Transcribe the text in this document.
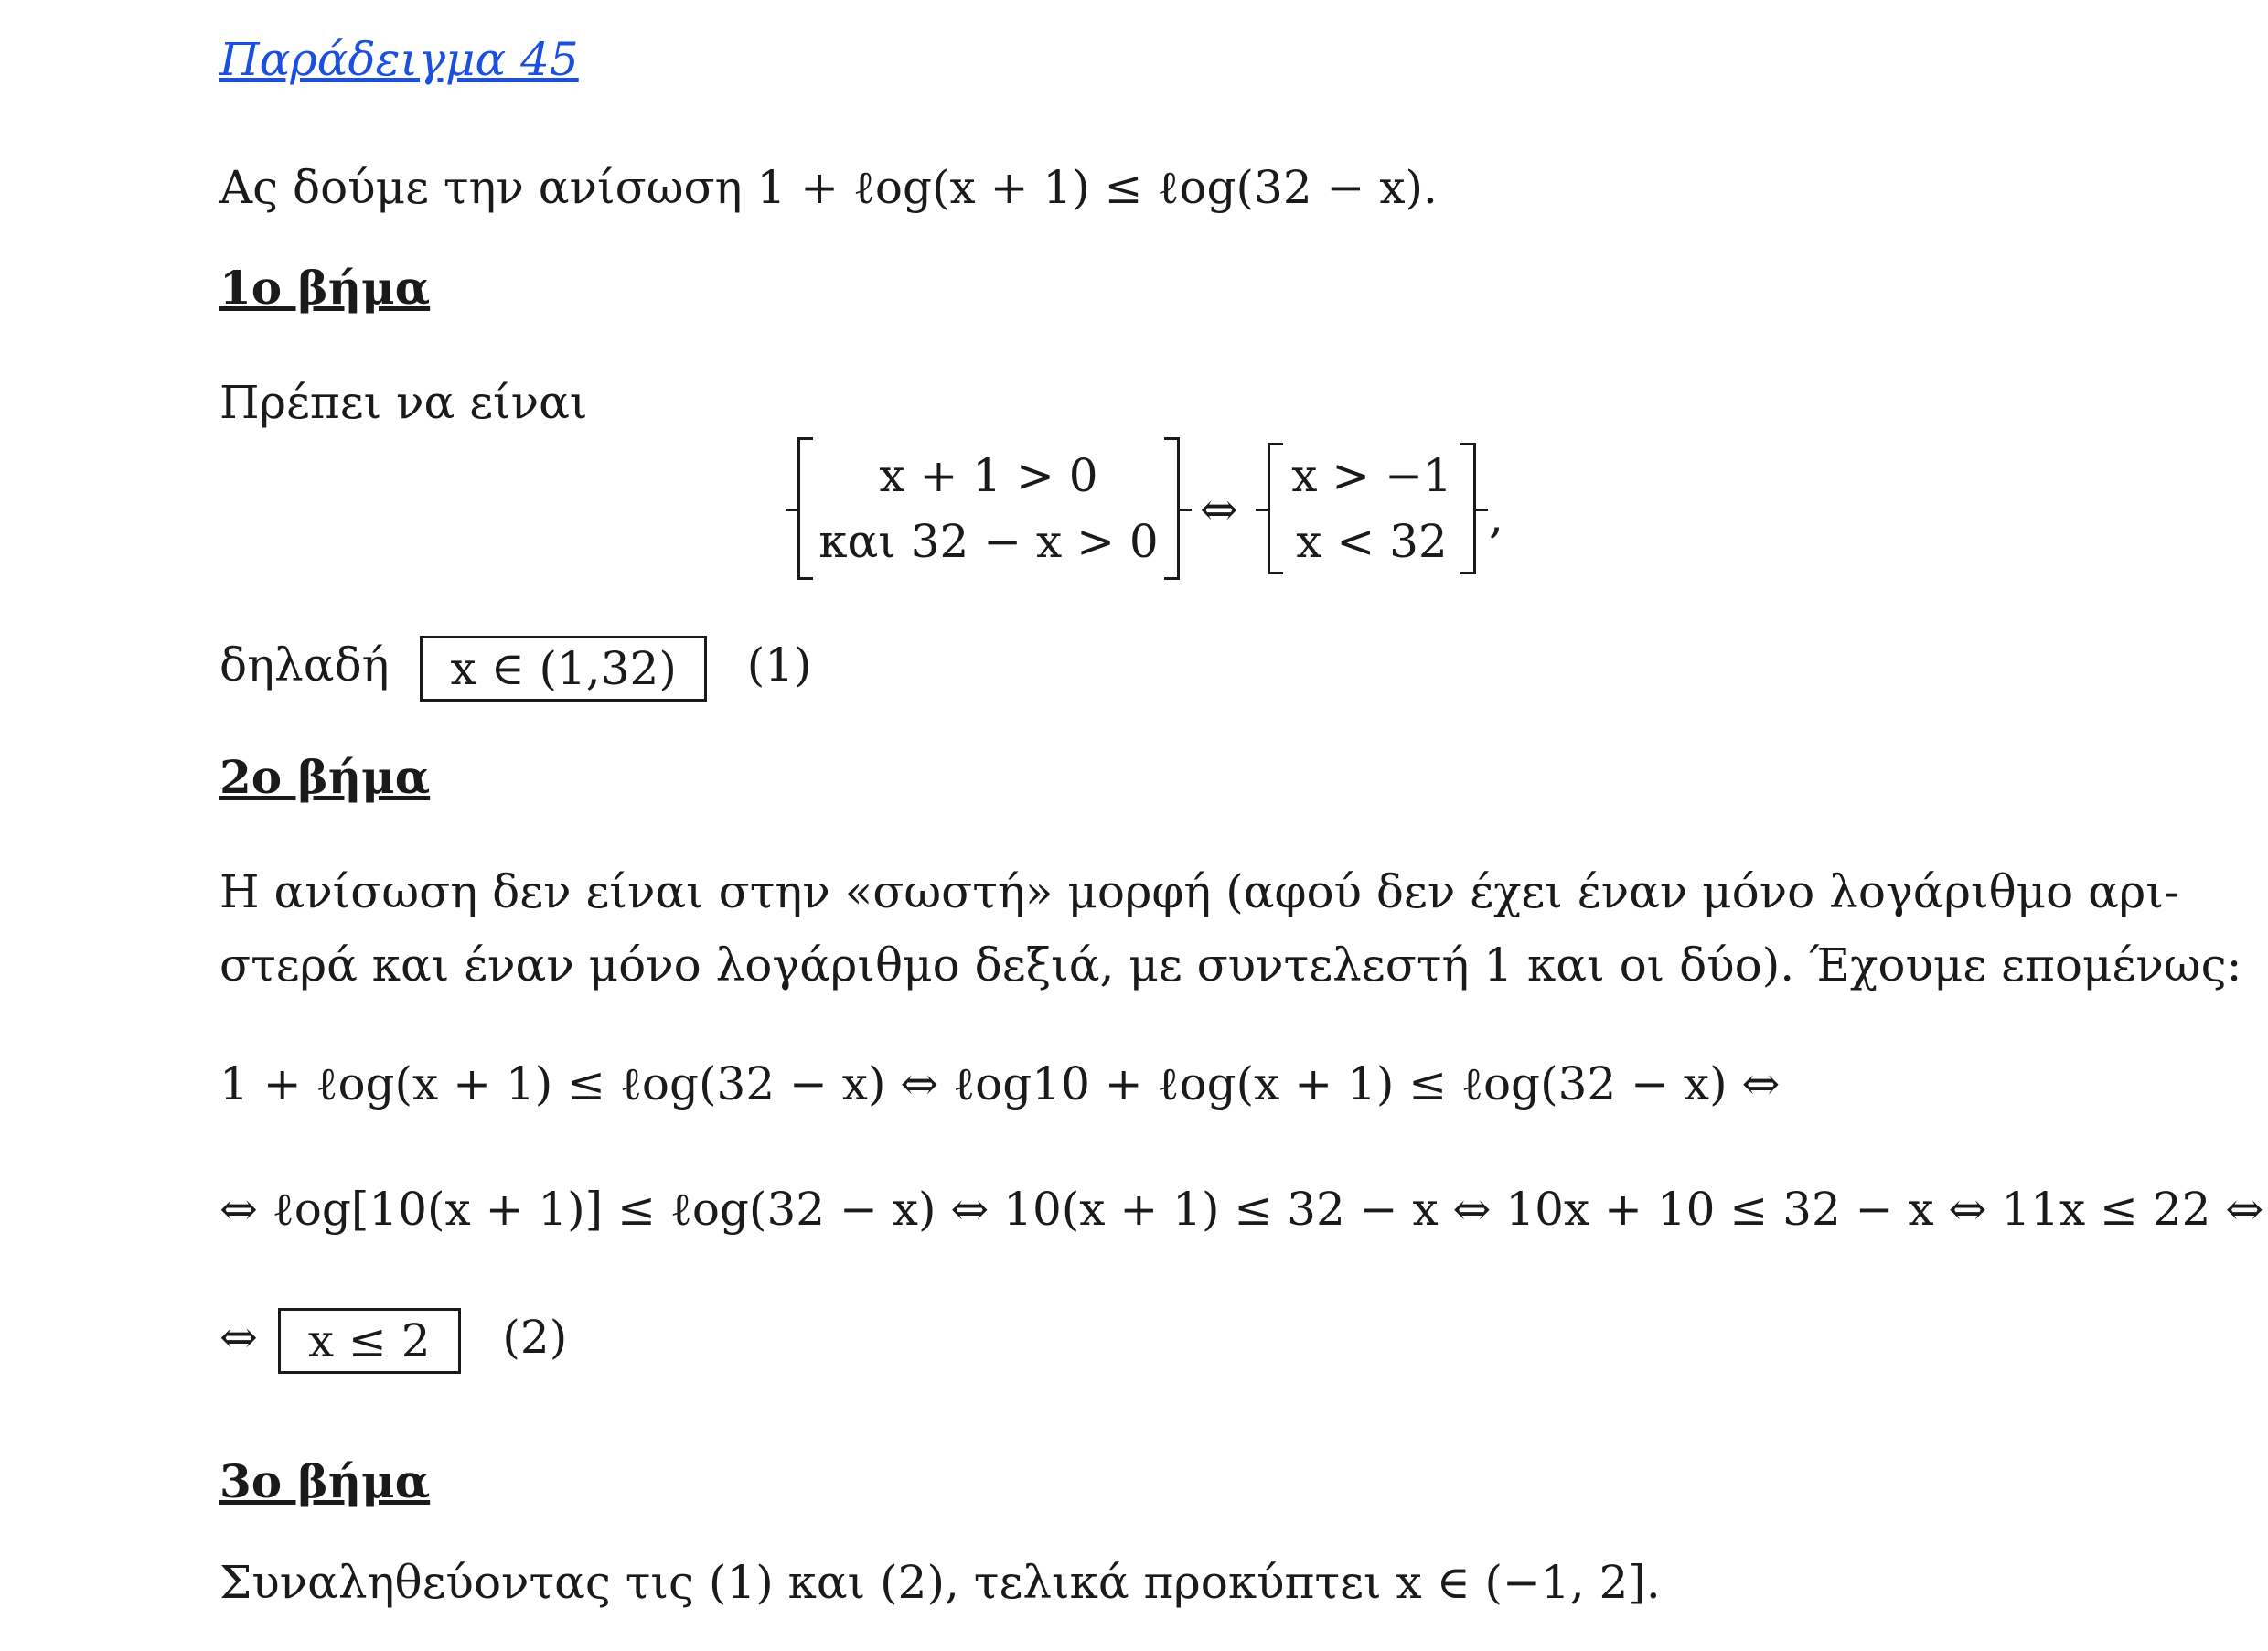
Παράδειγμα 45
Ας δούμε την ανίσωση 1 + ℓog(x + 1) ≤ ℓog(32 − x).
1ο βήμα
Πρέπει να είναι
x + 1 > 0
και 32 − x > 0
⇔
x > −1
x < 32 ,
δηλαδή x ∈ (1,32) (1)
2ο βήμα
Η ανίσωση δεν είναι στην «σωστή» μορφή (αφού δεν έχει έναν μόνο λογάριθμο αρι-
στερά και έναν μόνο λογάριθμο δεξιά, με συντελεστή 1 και οι δύο). Έχουμε επομένως:
1 + ℓog(x + 1) ≤ ℓog(32 − x) ⇔ ℓog10 + ℓog(x + 1) ≤ ℓog(32 − x) ⇔
⇔ ℓog[10(x + 1)] ≤ ℓog(32 − x) ⇔ 10(x + 1) ≤ 32 − x ⇔ 10x + 10 ≤ 32 − x ⇔ 11x ≤ 22 ⇔
⇔ x ≤ 2 (2)
3ο βήμα
Συναληθεύοντας τις (1) και (2), τελικά προκύπτει x ∈ (−1, 2].
